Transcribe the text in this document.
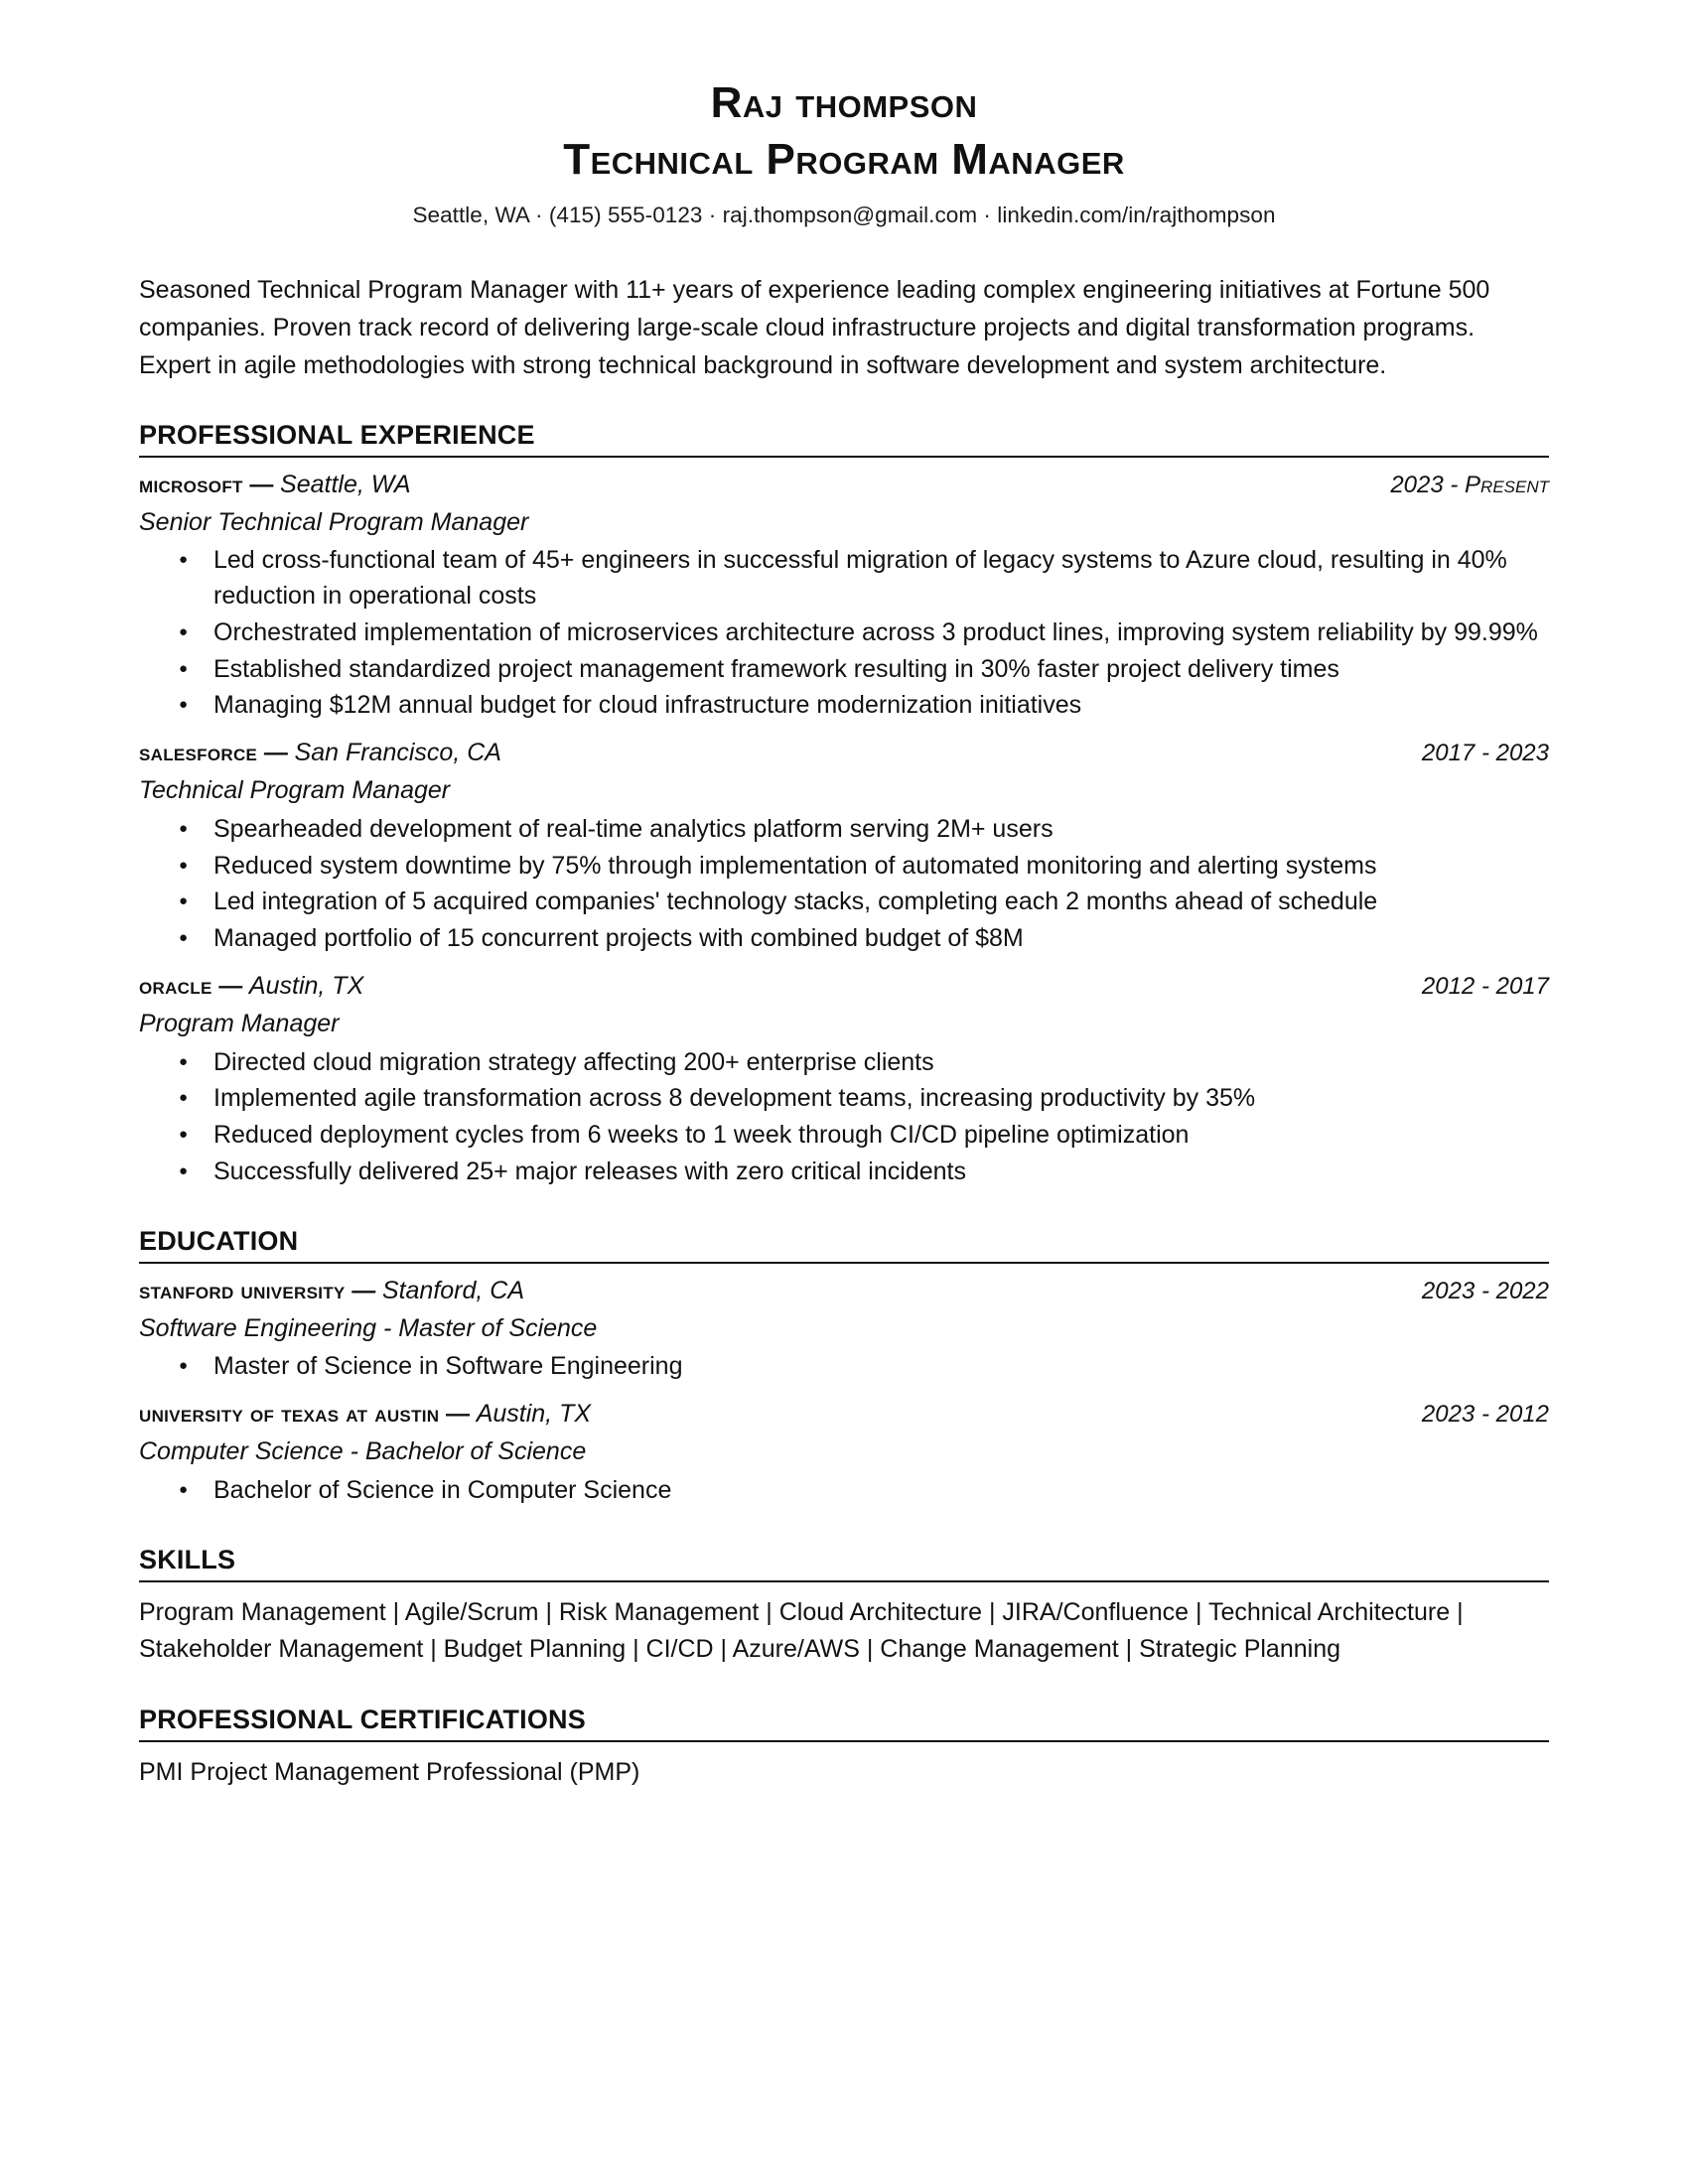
Raj thompson
Technical Program Manager
Seattle, WA · (415) 555-0123 · raj.thompson@gmail.com · linkedin.com/in/rajthompson
Seasoned Technical Program Manager with 11+ years of experience leading complex engineering initiatives at Fortune 500 companies. Proven track record of delivering large-scale cloud infrastructure projects and digital transformation programs. Expert in agile methodologies with strong technical background in software development and system architecture.
PROFESSIONAL EXPERIENCE
microsoft — Seattle, WA	2023 - Present
Senior Technical Program Manager
● Led cross-functional team of 45+ engineers in successful migration of legacy systems to Azure cloud, resulting in 40% reduction in operational costs
● Orchestrated implementation of microservices architecture across 3 product lines, improving system reliability by 99.99%
● Established standardized project management framework resulting in 30% faster project delivery times
● Managing $12M annual budget for cloud infrastructure modernization initiatives
salesforce — San Francisco, CA	2017 - 2023
Technical Program Manager
● Spearheaded development of real-time analytics platform serving 2M+ users
● Reduced system downtime by 75% through implementation of automated monitoring and alerting systems
● Led integration of 5 acquired companies' technology stacks, completing each 2 months ahead of schedule
● Managed portfolio of 15 concurrent projects with combined budget of $8M
oracle — Austin, TX	2012 - 2017
Program Manager
● Directed cloud migration strategy affecting 200+ enterprise clients
● Implemented agile transformation across 8 development teams, increasing productivity by 35%
● Reduced deployment cycles from 6 weeks to 1 week through CI/CD pipeline optimization
● Successfully delivered 25+ major releases with zero critical incidents
EDUCATION
stanford university — Stanford, CA	2023 - 2022
Software Engineering - Master of Science
● Master of Science in Software Engineering
university of texas at austin — Austin, TX	2023 - 2012
Computer Science - Bachelor of Science
● Bachelor of Science in Computer Science
SKILLS
Program Management | Agile/Scrum | Risk Management | Cloud Architecture | JIRA/Confluence | Technical Architecture | Stakeholder Management | Budget Planning | CI/CD | Azure/AWS | Change Management | Strategic Planning
PROFESSIONAL CERTIFICATIONS
PMI Project Management Professional (PMP)
